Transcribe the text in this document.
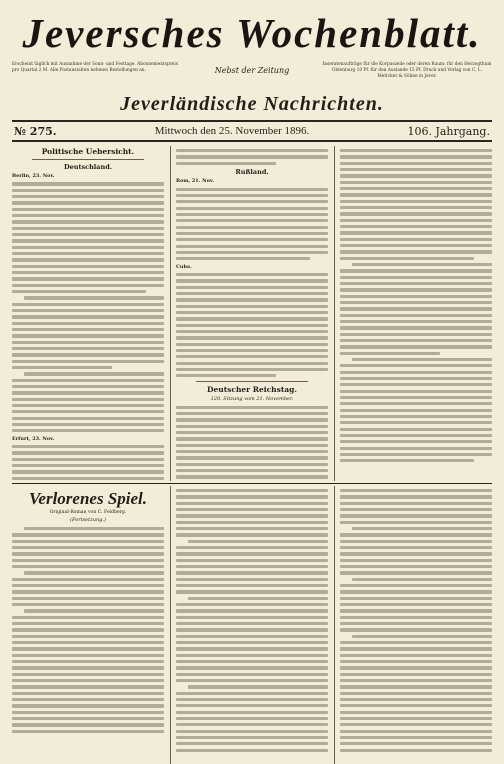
Jeversches Wochenblatt.
Erscheint täglich mit Ausnahme der Sonn- und Festtage. Abonnementspreis pro Quartal 2 M. Alle Postanstalten nehmen Bestellungen an.	Nebst der Zeitung
Inseratenaufträge für die Korpuszeile oder deren Raum: für den Herzogthum Oldenburg 10 Pf. für den Auslande 15 Pf. Druck und Verlag von C. L. Mettcker & Söhne in Jever.
Jeverländische Nachrichten.
№ 275.	Mittwoch den 25. November 1896.	106. Jahrgang.
Politische Uebersicht.
Deutschland.
Berlin, 23. Nov.
Erfurt, 23. Nov.
Rußland.
Rom, 21. Nov.
Cuba.
Deutscher Reichstag.
120. Sitzung vom 21. November.
Verlorenes Spiel.
Original-Roman von C. Feldberg.
(Fortsetzung.)
